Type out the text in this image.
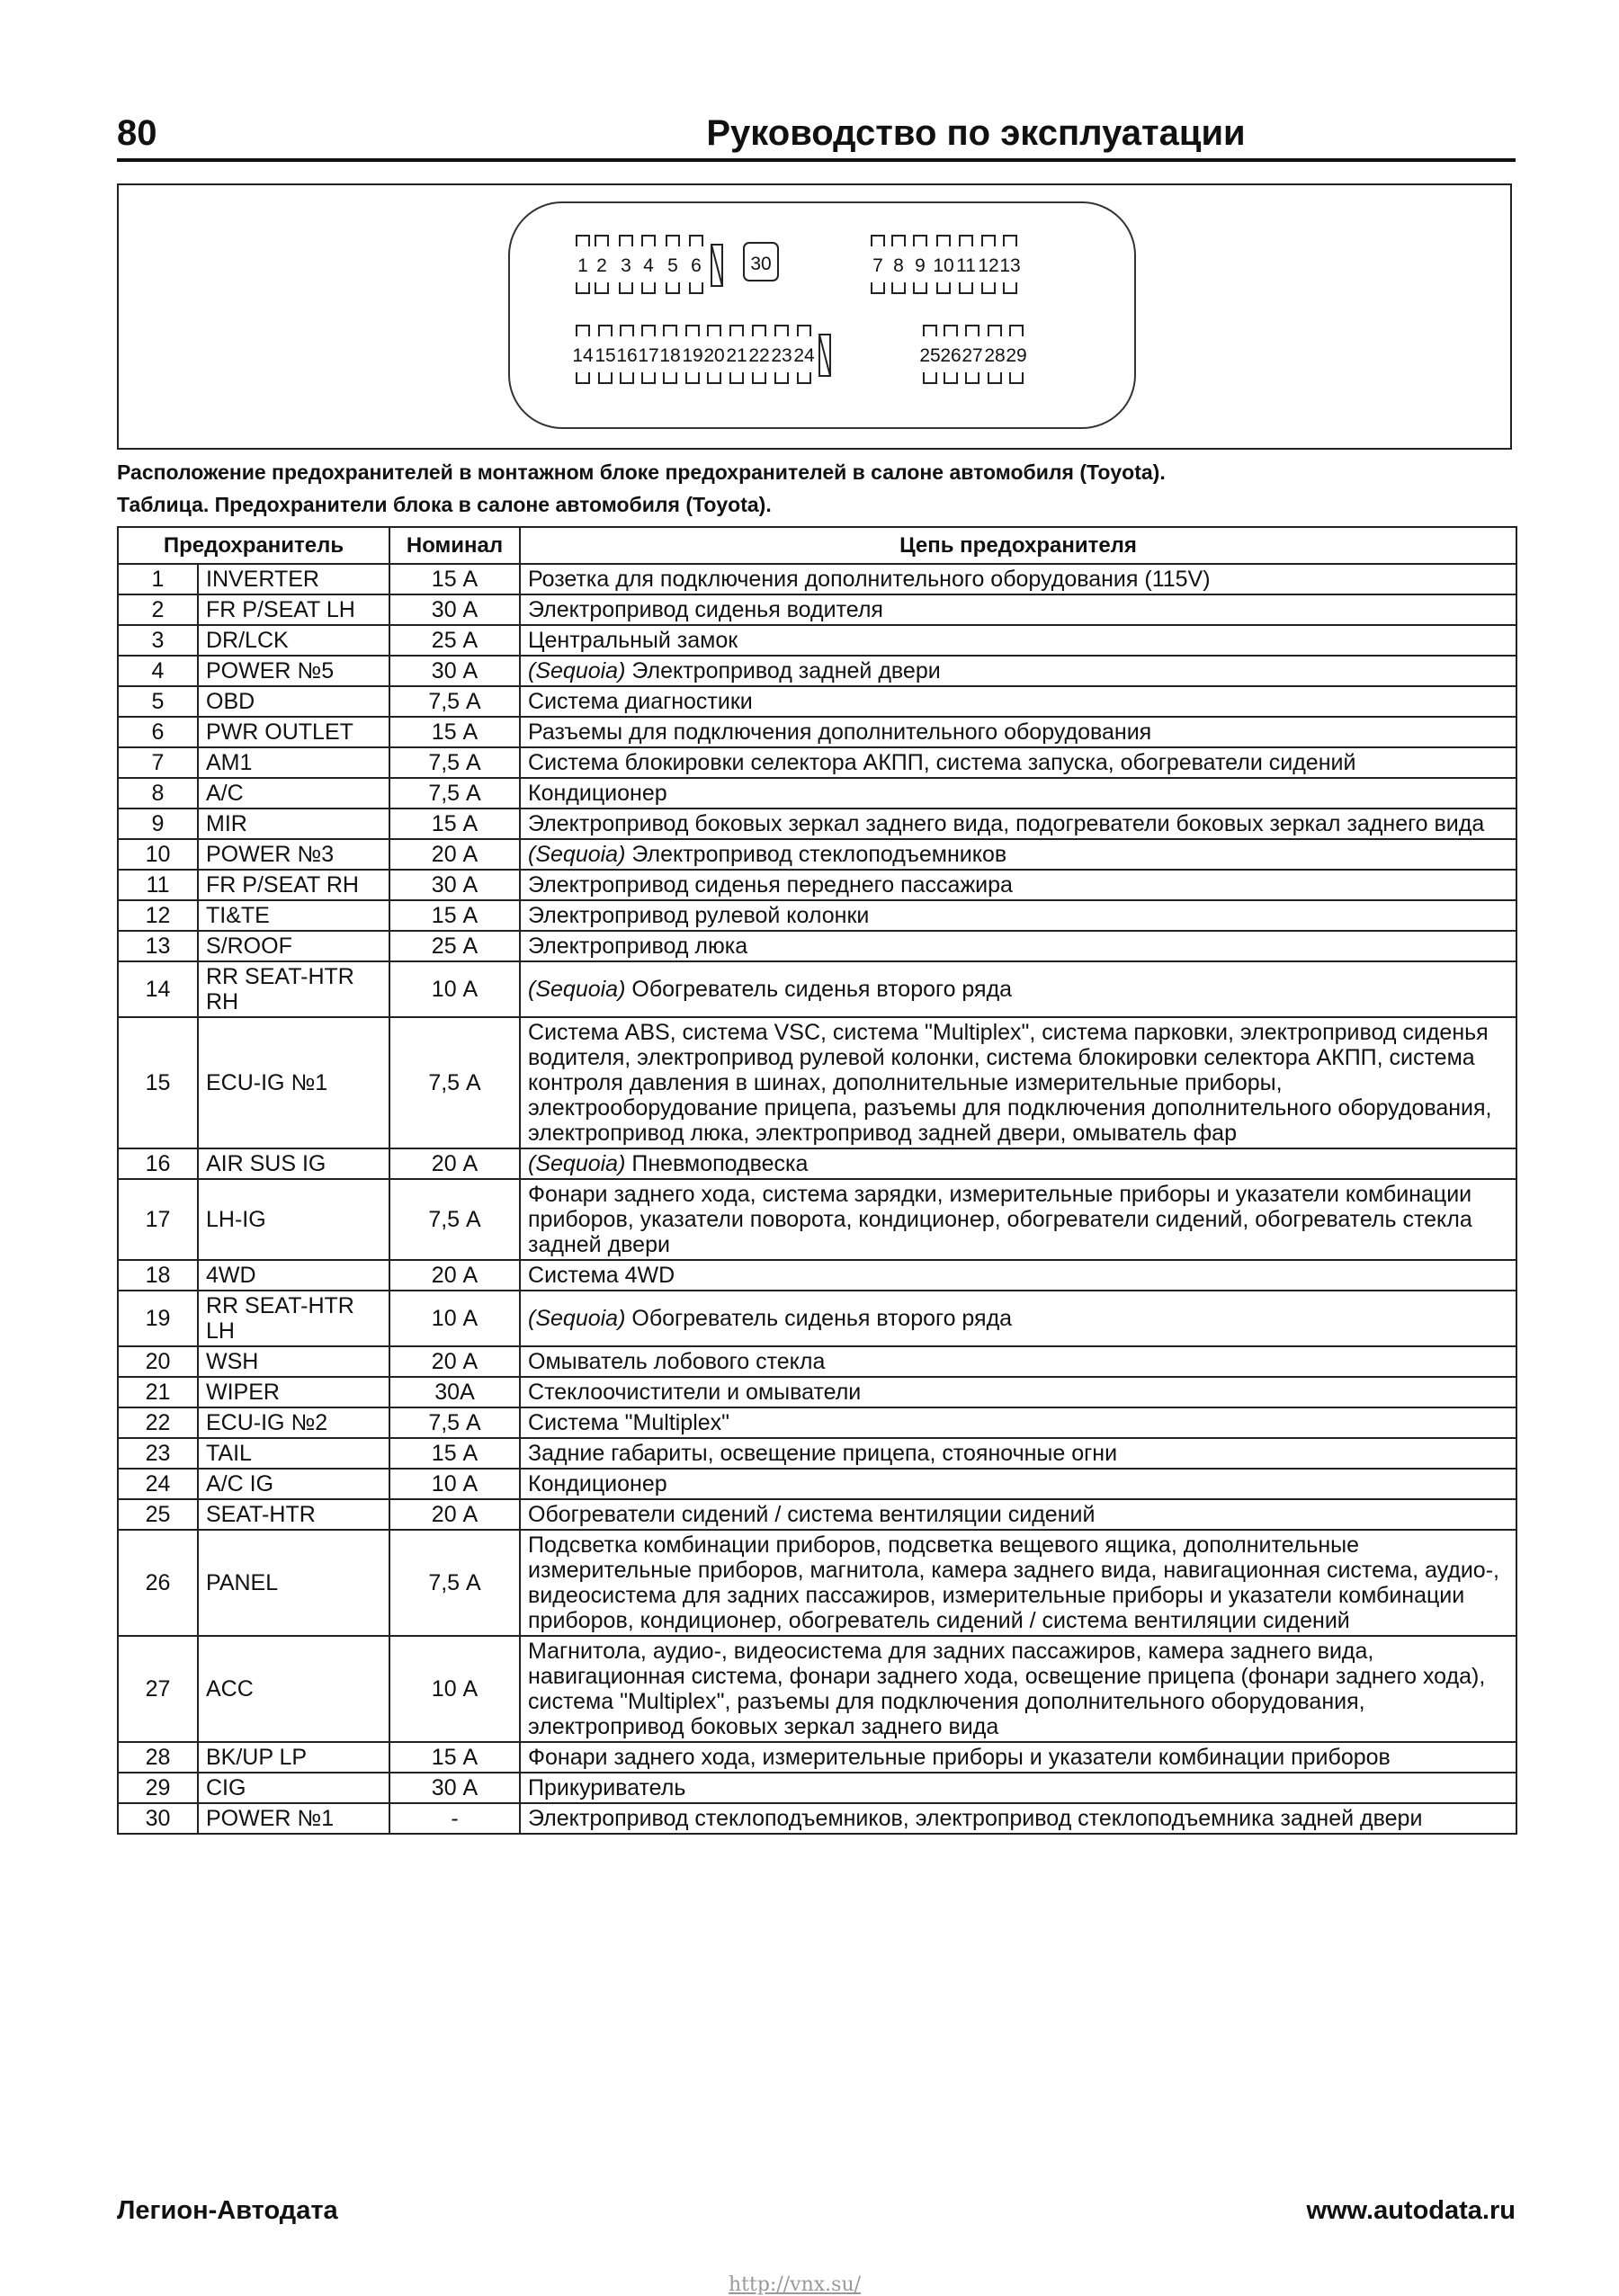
80	Руководство по эксплуатации
1 2 3 4 5 6	7 8 9 10 11 12 13
14 15 16 17 18 19 20 21 22 23 24	25 26 27 28 29
30
Расположение предохранителей в монтажном блоке предохранителей в салоне автомобиля (Toyota).
Таблица. Предохранители блока в салоне автомобиля (Toyota).
Предохранитель		Номинал	Цепь предохранителя
1	INVERTER	15 А	Розетка для подключения дополнительного оборудования (115V)
2	FR P/SEAT LH	30 А	Электропривод сиденья водителя
3	DR/LCK	25 А	Центральный замок
4	POWER №5	30 А	(Sequoia) Электропривод задней двери
5	OBD	7,5 А	Система диагностики
6	PWR OUTLET	15 А	Разъемы для подключения дополнительного оборудования
7	AM1	7,5 А	Система блокировки селектора АКПП, система запуска, обогреватели сидений
8	A/C	7,5 А	Кондиционер
9	MIR	15 А	Электропривод боковых зеркал заднего вида, подогреватели боковых зеркал заднего вида
10	POWER №3	20 А	(Sequoia) Электропривод стеклоподъемников
11	FR P/SEAT RH	30 А	Электропривод сиденья переднего пассажира
12	TI&TE	15 А	Электропривод рулевой колонки
13	S/ROOF	25 А	Электропривод люка
14	RR SEAT-HTR RH	10 А	(Sequoia) Обогреватель сиденья второго ряда
15	ECU-IG №1	7,5 А	Система ABS, система VSC, система "Multiplex", система парковки, электропривод сиденья водителя, электропривод рулевой колонки, система блокировки селектора АКПП, система контроля давления в шинах, дополнительные измерительные приборы, электрооборудование прицепа, разъемы для подключения дополнительного оборудования, электропривод люка, электропривод задней двери, омыватель фар
16	AIR SUS IG	20 А	(Sequoia) Пневмоподвеска
17	LH-IG	7,5 А	Фонари заднего хода, система зарядки, измерительные приборы и указатели комбинации приборов, указатели поворота, кондиционер, обогреватели сидений, обогреватель стекла задней двери
18	4WD	20 А	Система 4WD
19	RR SEAT-HTR LH	10 А	(Sequoia) Обогреватель сиденья второго ряда
20	WSH	20 А	Омыватель лобового стекла
21	WIPER	30А	Стеклоочистители и омыватели
22	ECU-IG №2	7,5 А	Система "Multiplex"
23	TAIL	15 А	Задние габариты, освещение прицепа, стояночные огни
24	A/C IG	10 А	Кондиционер
25	SEAT-HTR	20 А	Обогреватели сидений / система вентиляции сидений
26	PANEL	7,5 А	Подсветка комбинации приборов, подсветка вещевого ящика, дополнительные измерительные приборов, магнитола, камера заднего вида, навигационная система, аудио-, видеосистема для задних пассажиров, измерительные приборы и указатели комбинации приборов, кондиционер, обогреватель сидений / система вентиляции сидений
27	ACC	10 А	Магнитола, аудио-, видеосистема для задних пассажиров, камера заднего вида, навигационная система, фонари заднего хода, освещение прицепа (фонари заднего хода), система "Multiplex", разъемы для подключения дополнительного оборудования, электропривод боковых зеркал заднего вида
28	BK/UP LP	15 А	Фонари заднего хода, измерительные приборы и указатели комбинации приборов
29	CIG	30 А	Прикуриватель
30	POWER №1	-	Электропривод стеклоподъемников, электропривод стеклоподъемника задней двери
Легион-Автодата	www.autodata.ru
http://vnx.su/
